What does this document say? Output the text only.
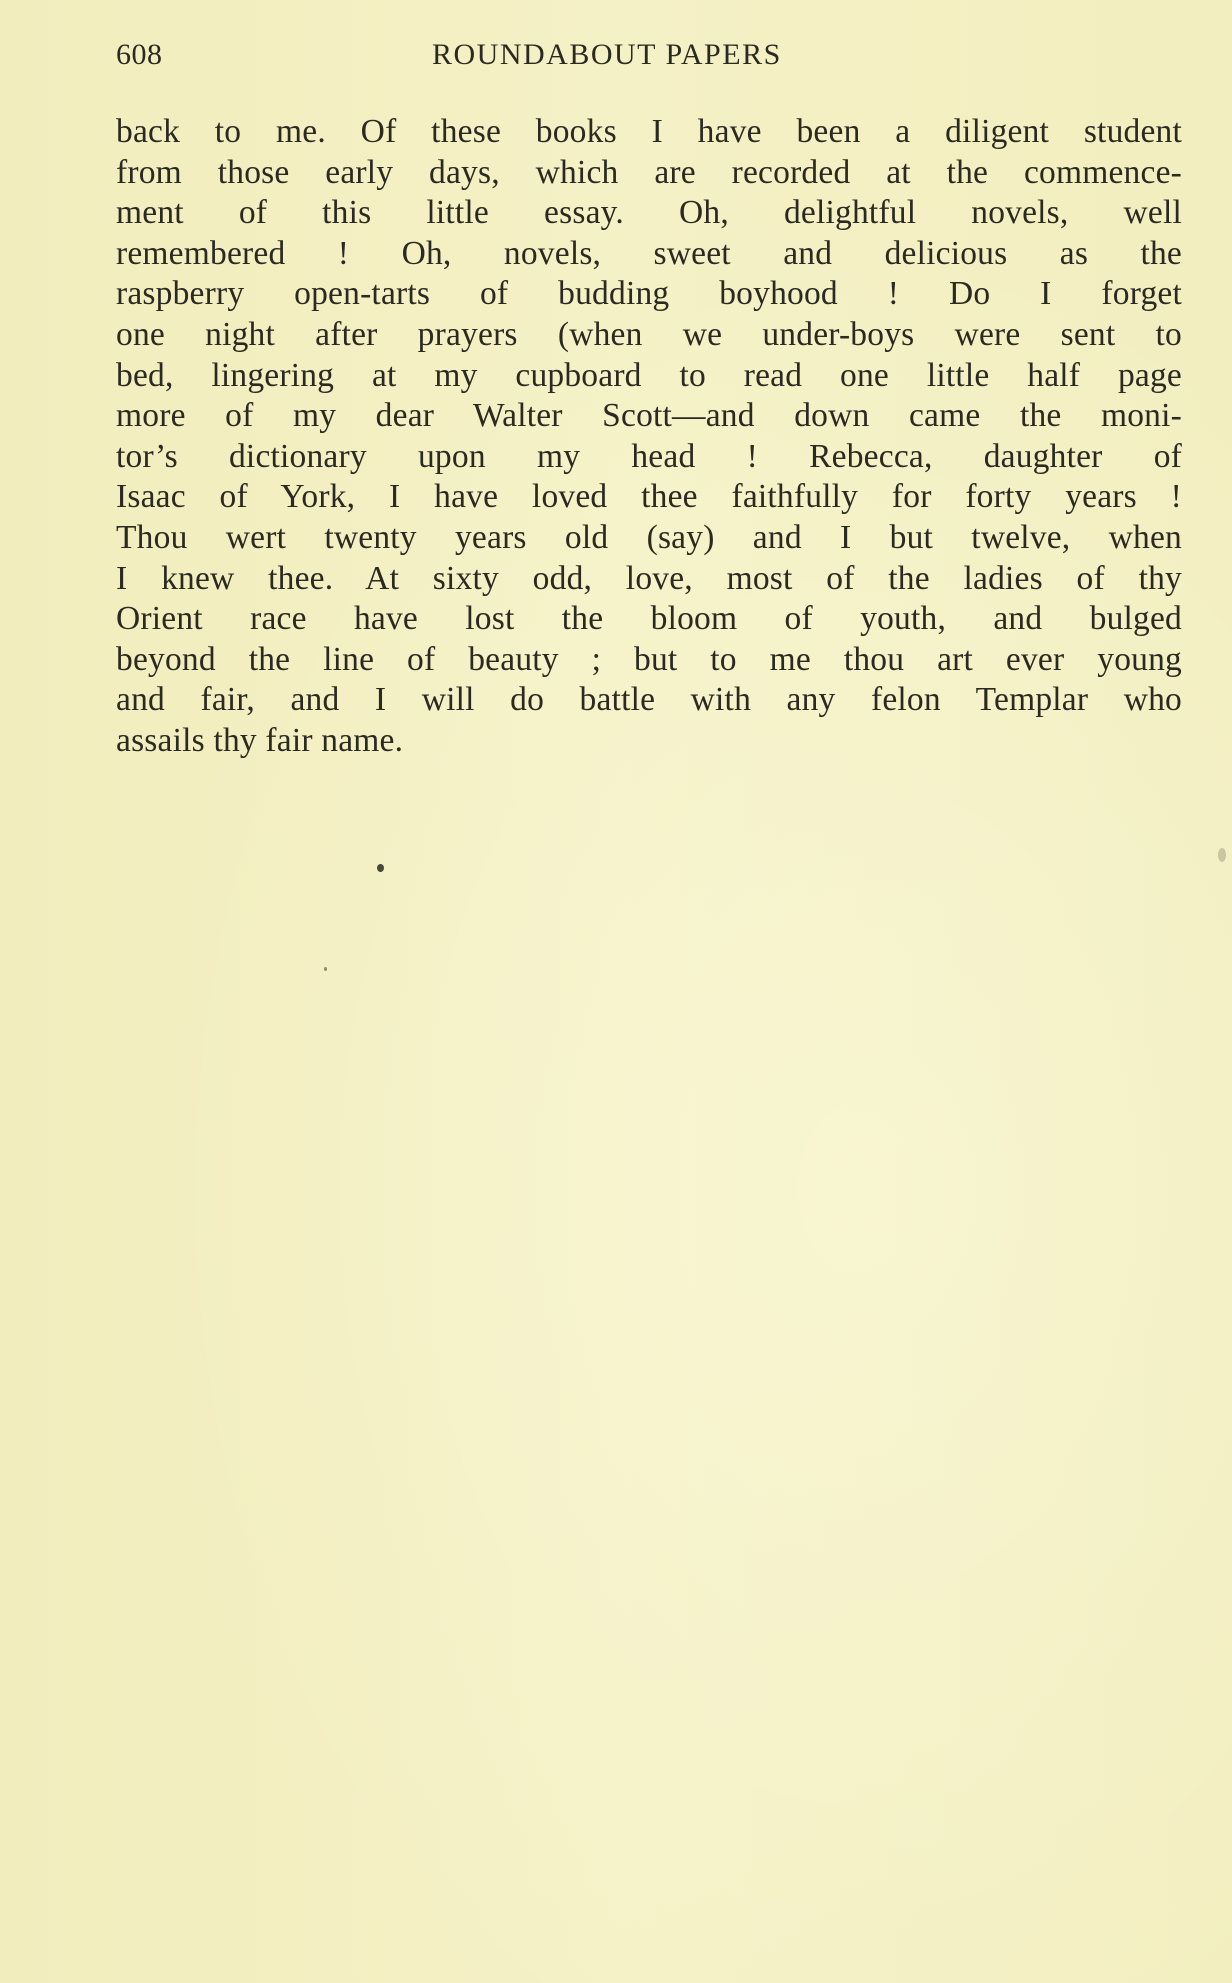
608	ROUNDABOUT PAPERS
back to me. Of these books I have been a diligent student
from those early days, which are recorded at the commence-
ment of this little essay. Oh, delightful novels, well
remembered ! Oh, novels, sweet and delicious as the
raspberry open-tarts of budding boyhood ! Do I forget
one night after prayers (when we under-boys were sent to
bed, lingering at my cupboard to read one little half page
more of my dear Walter Scott—and down came the moni-
tor’s dictionary upon my head ! Rebecca, daughter of
Isaac of York, I have loved thee faithfully for forty years !
Thou wert twenty years old (say) and I but twelve, when
I knew thee. At sixty odd, love, most of the ladies of thy
Orient race have lost the bloom of youth, and bulged
beyond the line of beauty ; but to me thou art ever young
and fair, and I will do battle with any felon Templar who
assails thy fair name.
